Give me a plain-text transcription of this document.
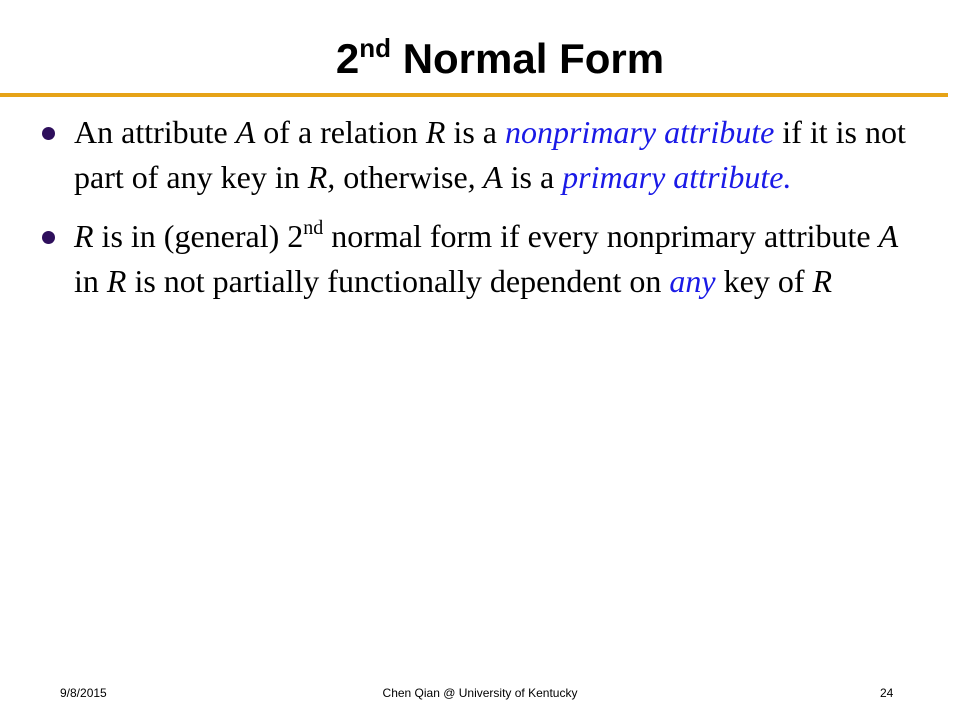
2nd Normal Form
An attribute A of a relation R is a nonprimary attribute if it is not part of any key in R, otherwise, A is a primary attribute.
R is in (general) 2nd normal form if every nonprimary attribute A in R is not partially functionally dependent on any key of R
9/8/2015	Chen Qian @ University of Kentucky	24
